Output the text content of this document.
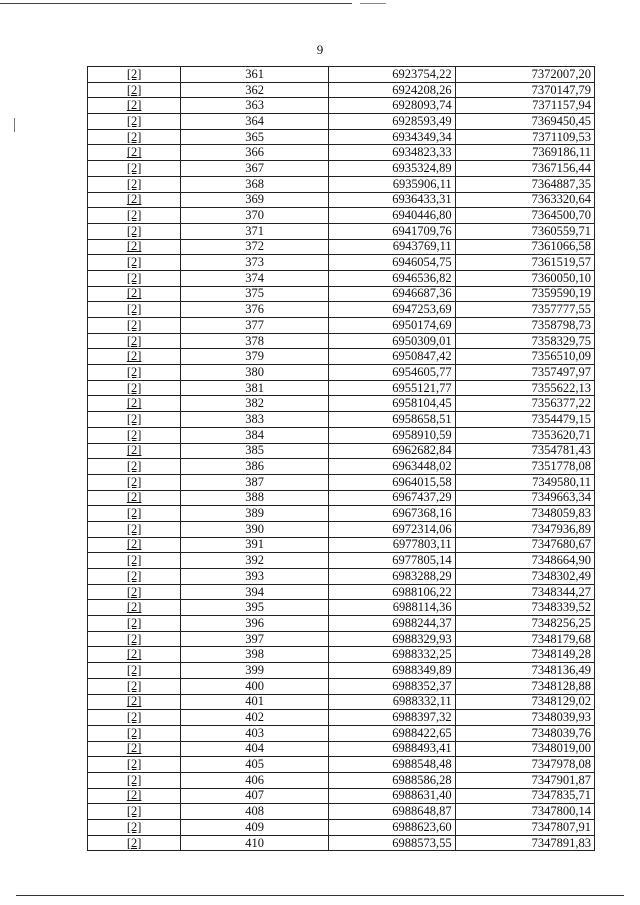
9
[2]	361	6923754,22	7372007,20
[2]	362	6924208,26	7370147,79
[2]	363	6928093,74	7371157,94
[2]	364	6928593,49	7369450,45
[2]	365	6934349,34	7371109,53
[2]	366	6934823,33	7369186,11
[2]	367	6935324,89	7367156,44
[2]	368	6935906,11	7364887,35
[2]	369	6936433,31	7363320,64
[2]	370	6940446,80	7364500,70
[2]	371	6941709,76	7360559,71
[2]	372	6943769,11	7361066,58
[2]	373	6946054,75	7361519,57
[2]	374	6946536,82	7360050,10
[2]	375	6946687,36	7359590,19
[2]	376	6947253,69	7357777,55
[2]	377	6950174,69	7358798,73
[2]	378	6950309,01	7358329,75
[2]	379	6950847,42	7356510,09
[2]	380	6954605,77	7357497,97
[2]	381	6955121,77	7355622,13
[2]	382	6958104,45	7356377,22
[2]	383	6958658,51	7354479,15
[2]	384	6958910,59	7353620,71
[2]	385	6962682,84	7354781,43
[2]	386	6963448,02	7351778,08
[2]	387	6964015,58	7349580,11
[2]	388	6967437,29	7349663,34
[2]	389	6967368,16	7348059,83
[2]	390	6972314,06	7347936,89
[2]	391	6977803,11	7347680,67
[2]	392	6977805,14	7348664,90
[2]	393	6983288,29	7348302,49
[2]	394	6988106,22	7348344,27
[2]	395	6988114,36	7348339,52
[2]	396	6988244,37	7348256,25
[2]	397	6988329,93	7348179,68
[2]	398	6988332,25	7348149,28
[2]	399	6988349,89	7348136,49
[2]	400	6988352,37	7348128,88
[2]	401	6988332,11	7348129,02
[2]	402	6988397,32	7348039,93
[2]	403	6988422,65	7348039,76
[2]	404	6988493,41	7348019,00
[2]	405	6988548,48	7347978,08
[2]	406	6988586,28	7347901,87
[2]	407	6988631,40	7347835,71
[2]	408	6988648,87	7347800,14
[2]	409	6988623,60	7347807,91
[2]	410	6988573,55	7347891,83
